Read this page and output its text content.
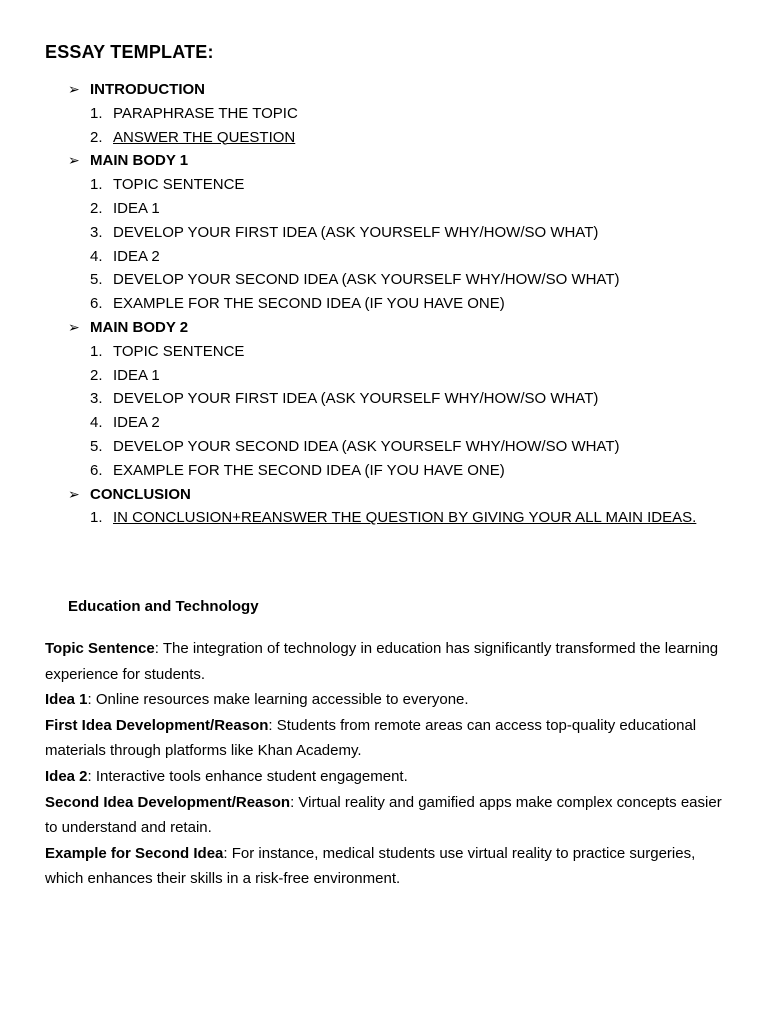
ESSAY TEMPLATE:
➢ INTRODUCTION
1. PARAPHRASE THE TOPIC
2. ANSWER THE QUESTION
➢ MAIN BODY 1
1. TOPIC SENTENCE
2. IDEA 1
3. DEVELOP YOUR FIRST IDEA (ASK YOURSELF WHY/HOW/SO WHAT)
4. IDEA 2
5. DEVELOP YOUR SECOND IDEA (ASK YOURSELF WHY/HOW/SO WHAT)
6. EXAMPLE FOR THE SECOND IDEA (IF YOU HAVE ONE)
➢ MAIN BODY 2
1. TOPIC SENTENCE
2. IDEA 1
3. DEVELOP YOUR FIRST IDEA (ASK YOURSELF WHY/HOW/SO WHAT)
4. IDEA 2
5. DEVELOP YOUR SECOND IDEA (ASK YOURSELF WHY/HOW/SO WHAT)
6. EXAMPLE FOR THE SECOND IDEA (IF YOU HAVE ONE)
➢ CONCLUSION
1. IN CONCLUSION+REANSWER THE QUESTION BY GIVING YOUR ALL MAIN IDEAS.
Education and Technology

Topic Sentence: The integration of technology in education has significantly transformed the learning experience for students.

Idea 1: Online resources make learning accessible to everyone.

First Idea Development/Reason: Students from remote areas can access top-quality educational materials through platforms like Khan Academy.

Idea 2: Interactive tools enhance student engagement.

Second Idea Development/Reason: Virtual reality and gamified apps make complex concepts easier to understand and retain.

Example for Second Idea: For instance, medical students use virtual reality to practice surgeries, which enhances their skills in a risk-free environment.
